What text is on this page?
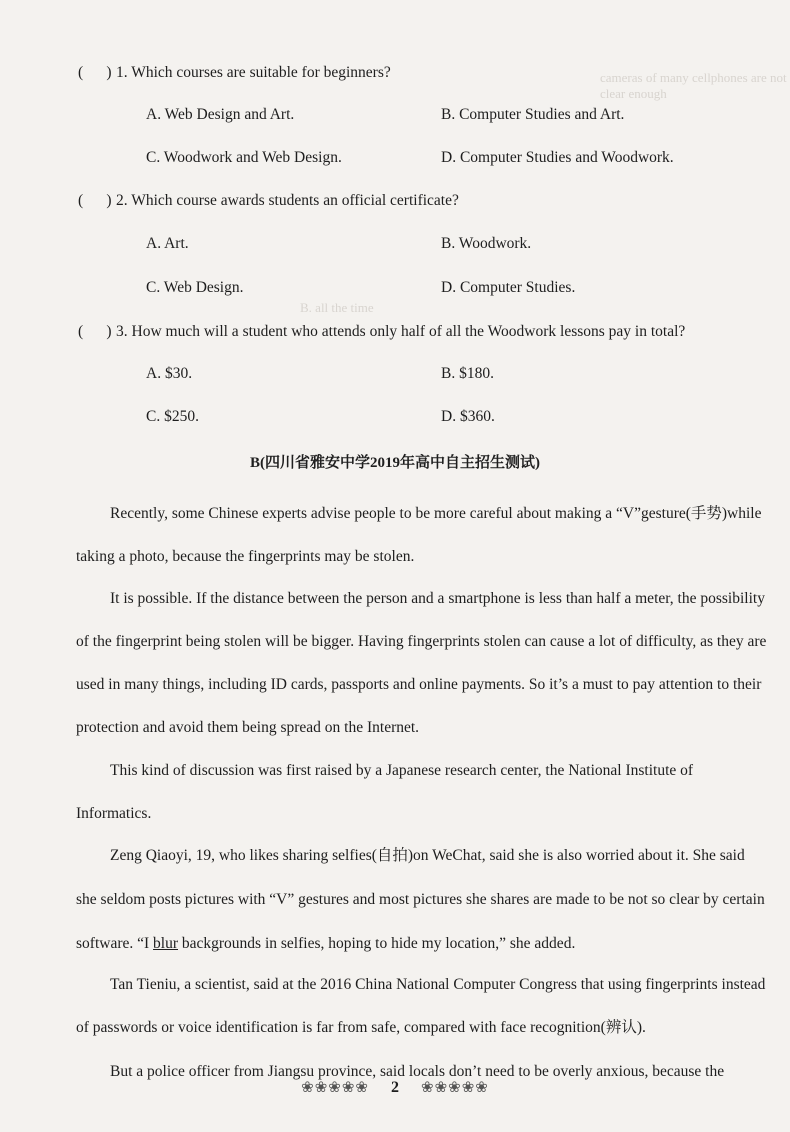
cameras of many cellphones are not clear enough
B. all the time
( ) 1. Which courses are suitable for beginners?
A. Web Design and Art.	B. Computer Studies and Art.
C. Woodwork and Web Design.	D. Computer Studies and Woodwork.
( ) 2. Which course awards students an official certificate?
A. Art.	B. Woodwork.
C. Web Design.	D. Computer Studies.
( ) 3. How much will a student who attends only half of all the Woodwork lessons pay in total?
A. $30.	B. $180.
C. $250.	D. $360.
B(四川省雅安中学2019年高中自主招生测试)
Recently, some Chinese experts advise people to be more careful about making a “V”gesture(手势)while taking a photo, because the fingerprints may be stolen.
It is possible. If the distance between the person and a smartphone is less than half a meter, the possibility of the fingerprint being stolen will be bigger. Having fingerprints stolen can cause a lot of difficulty, as they are used in many things, including ID cards, passports and online payments. So it’s a must to pay attention to their protection and avoid them being spread on the Internet.
This kind of discussion was first raised by a Japanese research center, the National Institute of Informatics.
Zeng Qiaoyi, 19, who likes sharing selfies(自拍)on WeChat, said she is also worried about it. She said she seldom posts pictures with “V” gestures and most pictures she shares are made to be not so clear by certain software. “I blur backgrounds in selfies, hoping to hide my location,” she added.
Tan Tieniu, a scientist, said at the 2016 China National Computer Congress that using fingerprints instead of passwords or voice identification is far from safe, compared with face recognition(辨认).
But a police officer from Jiangsu province, said locals don’t need to be overly anxious, because the
❀❀❀❀❀ 2 ❀❀❀❀❀
